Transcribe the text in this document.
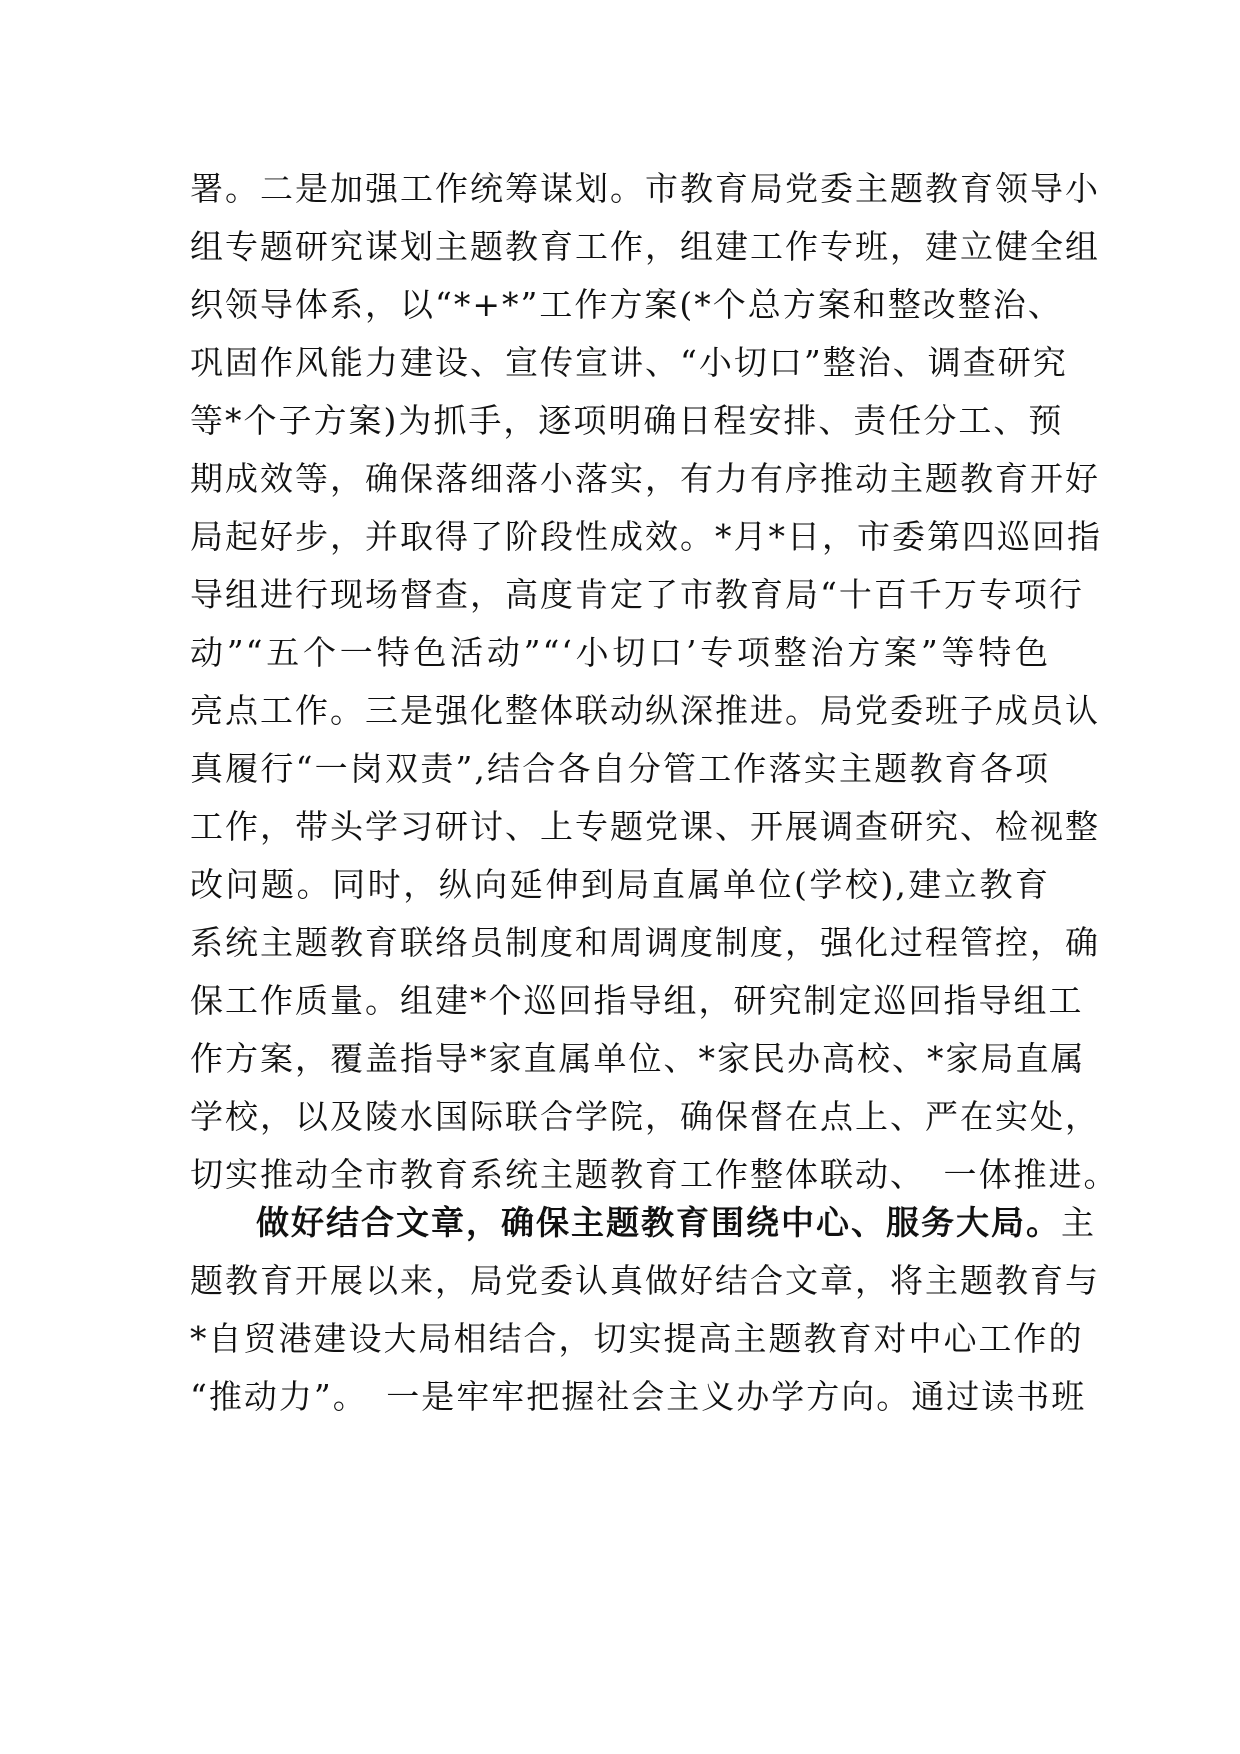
署。二是加强工作统筹谋划。市教育局党委主题教育领导小
组专题研究谋划主题教育工作，组建工作专班，建立健全组
织领导体系，以“*+*”工作方案(*个总方案和整改整治、
巩固作风能力建设、宣传宣讲、“小切口”整治、调查研究
等*个子方案)为抓手，逐项明确日程安排、责任分工、预
期成效等，确保落细落小落实，有力有序推动主题教育开好
局起好步，并取得了阶段性成效。*月*日，市委第四巡回指
导组进行现场督查，高度肯定了市教育局“十百千万专项行
动”“五个一特色活动”“‘小切口’专项整治方案”等特色
亮点工作。三是强化整体联动纵深推进。局党委班子成员认
真履行“一岗双责”,结合各自分管工作落实主题教育各项
工作，带头学习研讨、上专题党课、开展调查研究、检视整
改问题。同时，纵向延伸到局直属单位(学校),建立教育
系统主题教育联络员制度和周调度制度，强化过程管控，确
保工作质量。组建*个巡回指导组，研究制定巡回指导组工
作方案，覆盖指导*家直属单位、*家民办高校、*家局直属
学校，以及陵水国际联合学院，确保督在点上、严在实处，
切实推动全市教育系统主题教育工作整体联动、　一体推进。
做好结合文章，确保主题教育围绕中心、服务大局。主
题教育开展以来，局党委认真做好结合文章，将主题教育与
*自贸港建设大局相结合，切实提高主题教育对中心工作的
“推动力”。　一是牢牢把握社会主义办学方向。通过读书班
